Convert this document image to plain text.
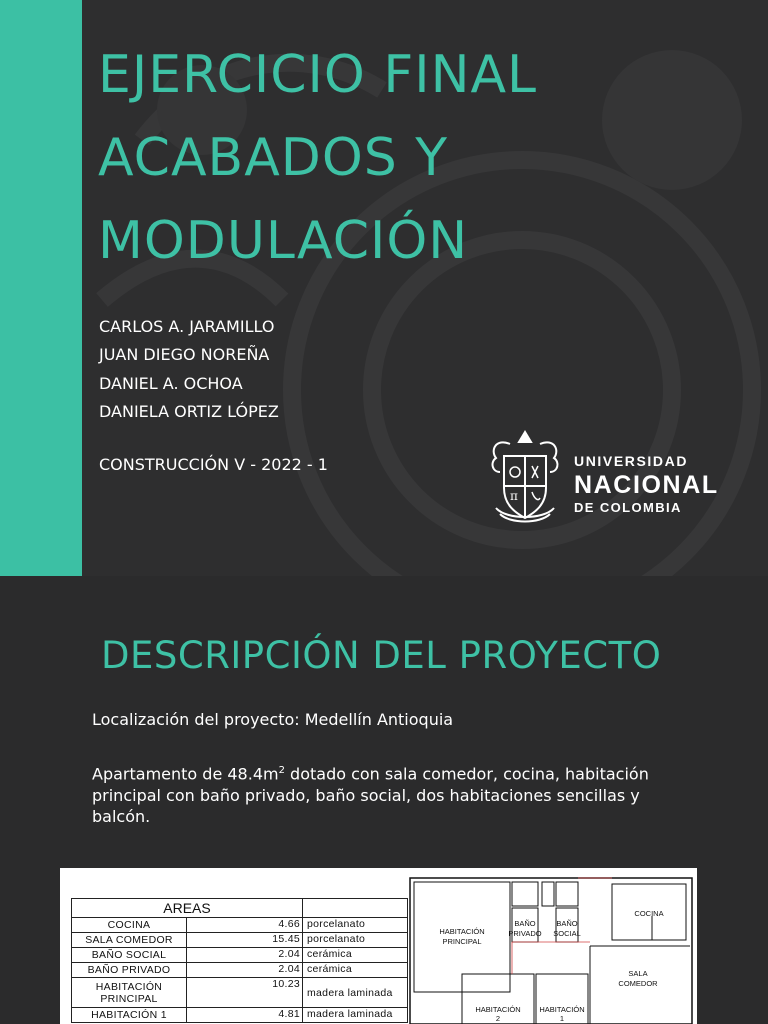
EJERCICIO FINAL
ACABADOS Y
MODULACIÓN
CARLOS A. JARAMILLO
JUAN DIEGO NOREÑA
DANIEL A. OCHOA
DANIELA ORTIZ LÓPEZ
CONSTRUCCIÓN V - 2022 - 1
π
UNIVERSIDAD
NACIONAL
DE COLOMBIA
DESCRIPCIÓN DEL PROYECTO
Localización del proyecto: Medellín Antioquia
Apartamento de $48.4m^2$ dotado con sala comedor, cocina, habitación principal con baño privado, baño social, dos habitaciones sencillas y balcón.
AREAS		
COCINA	4.66	porcelanato
SALA COMEDOR	15.45	porcelanato
BAÑO SOCIAL	2.04	cerámica
BAÑO PRIVADO	2.04	cerámica
HABITACIÓN PRINCIPAL	10.23	madera laminada
HABITACIÓN 1	4.81	madera laminada
HABITACIÓN
PRINCIPAL
BAÑO
PRIVADO
BAÑO
SOCIAL
COCINA
SALA
COMEDOR
HABITACIÓN
2
HABITACIÓN
1
